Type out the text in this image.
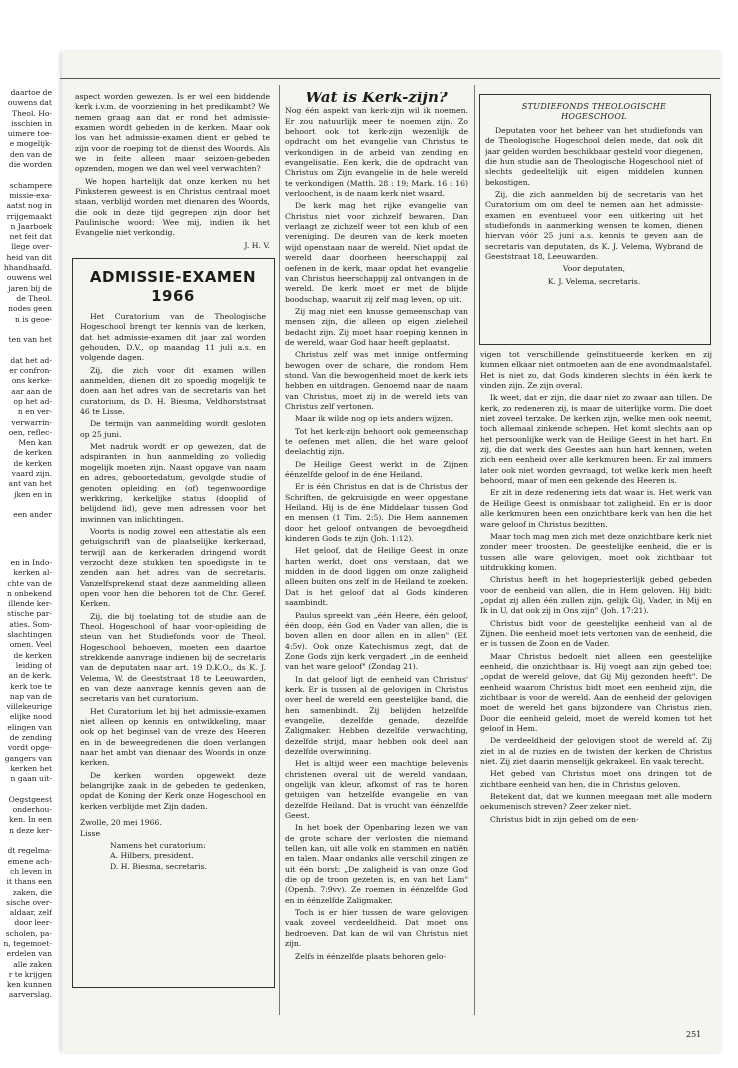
daartoe de

ouwens dat

Theol. Ho-

isschien in

uimere toe-

e mogelijk-

den van de

die worden

schampere

missie-exa-

aatst nog in

rrijgemaakt

n Jaarboek

net feit dat

llege over-

heid van dit

hhandhaafd.

ouwens wel

jaren bij de

de Theol.

nodes geen

n is geoe-

ten van het

dat het ad-

er confron-

ons kerke-

aar aan de

op het ad-

n en ver-

verwarrin-

oen, reflec-

Men kan

de kerken

de kerken

vaard zijn.

ant van het

jken en in

een ander

en in Indo-

kerken al-

chte van de

n onbekend

illende ker-

stische par-

aties. Som-

slachtingen

omen. Veel

de kerken

leiding of

an de kerk.

kerk toe te

nap van de

villekeurige

elijke nood

elingen van

de zending

vordt opge-

gangers van

kerken het

n gaan uit-

Oegstgeest

onderhou-

ken. In een

n deze ker-

dt regelma-

emene ach-

ch leven in

it thans een

zaken, die

sische over-

aldaar, zelf

door leer-

scholen, pa-

n, tegemoet-

erdelen van

alle zaken

r te krijgen

ken kunnen

aarverslag.

aspect worden gewezen. Is er wel een biddende kerk i.v.m. de voorziening in het predikambt? We nemen graag aan dat er rond het admissie-examen wordt gebeden in de kerken. Maar ook los van het admissie-examen dient er gebed te zijn voor de roeping tot de dienst des Woords. Als we in feite alleen maar seizoen-gebeden opzenden, mogen we dan wel veel verwachten?

We hopen hartelijk dat onze kerken nu het Pinksteren geweest is en Christus centraal moet staan, verblijd worden met dienaren des Woords, die ook in deze tijd gegrepen zijn door het Paulinische woord: Wee mij, indien ik het Evangelie niet verkondig.

J. H. V.
ADMISSIE-EXAMEN
1966

Het Curatorium van de Theologische Hogeschool brengt ter kennis van de kerken, dat het admissie-examen dit jaar zal worden gehouden, D.V., op maandag 11 juli a.s. en volgende dagen.

Zij, die zich voor dit examen willen aanmelden, dienen dit zo spoedig mogelijk te doen aan het adres van de secretaris van het curatorium, ds D. H. Biesma, Veldhorststraat 46 te Lisse.

De termijn van aanmelding wordt gesloten op 25 juni.

Met nadruk wordt er op gewezen, dat de adspiranten in hun aanmelding zo volledig mogelijk moeten zijn. Naast opgave van naam en adres, geboortedatum, gevolgde studie of genoten opleiding en (of) tegenwoordige werkkring, kerkelijke status (dooplid of belijdend lid), geve men adressen voor het inwinnen van inlichtingen.

Voorts is nodig zowel een attestatie als een getuigschrift van de plaatselijke kerkeraad, terwijl aan de kerkeraden dringend wordt verzocht deze stukken ten spoedigste in te zenden aan het adres van de secretaris. Vanzelfsprekend staat deze aanmelding alleen open voor hen die behoren tot de Chr. Geref. Kerken.

Zij, die bij toelating tot de studie aan de Theol. Hogeschool of haar voor-opleiding de steun van het Studiefonds voor de Theol. Hogeschool behoeven, moeten een daartoe strekkende aanvrage indienen bij de secretaris van de deputaten naar art. 19 D.K.O., ds K. J. Velema, W. de Geeststraat 18 te Leeuwarden, en van deze aanvrage kennis geven aan de secretaris van het curatorium.

Het Curatorium let bij het admissie-examen niet alleen op kennis en ontwikkeling, maar ook op het beginsel van de vreze des Heeren en in de beweegredenen die doen verlangen naar het ambt van dienaar des Woords in onze kerken.

De kerken worden opgewekt deze belangrijke zaak in de gebeden te gedenken, opdat de Koning der Kerk onze Hogeschool en kerken verblijde met Zijn daden.

Zwolle, 20 mei 1966.
Lisse
Namens het curatorium:
A. Hilbers, president.
D. H. Biesma, secretaris.
Wat is Kerk-zijn?

Nog één aspekt van kerk-zijn wil ik noemen. Er zou natuurlijk meer te noemen zijn. Zo behoort ook tot kerk-zijn wezenlijk de opdracht om het evangelie van Christus te verkondigen in de arbeid van zending en evangelisatie. Een kerk, die de opdracht van Christus om Zijn evangelie in de hele wereld te verkondigen (Matth. 28 : 19; Mark. 16 : 16) verloochent, is de naam kerk niet waard.

De kerk mag het rijke evangelie van Christus niet voor zichzelf bewaren. Dan verlaagt ze zichzelf weer tot een klub of een vereniging. De deuren van de kerk moeten wijd openstaan naar de wereld. Niet opdat de wereld daar doorheen heerschappij zal oefenen in de kerk, maar opdat het evangelie van Christus heerschappij zal ontvangen in de wereld. De kerk moet er met de blijde boodschap, waaruit zij zelf mag leven, op uit.

Zij mag niet een knusse gemeenschap van mensen zijn, die alleen op eigen zieleheil bedacht zijn. Zij moet haar roeping kennen in de wereld, waar God haar heeft geplaatst.

Christus zelf was met innige ontferming bewogen over de schare, die rondom Hem stond. Van die bewogenheid moet de kerk iets hebben en uitdragen. Genoemd naar de naam van Christus, moet zij in de wereld iets van Christus zelf vertonen.

Maar ik wilde nog op iets anders wijzen.

Tot het kerk-zijn behoort ook gemeenschap te oefenen met allen, die het ware geloof deelachtig zijn.

De Heilige Geest werkt in de Zijnen éénzelfde geloof in de éne Heiland.

Er is één Christus en dat is de Christus der Schriften, de gekruisigde en weer opgestane Heiland. Hij is de éne Middelaar tussen God en mensen (1 Tim. 2:5). Die Hem aannemen door het geloof ontvangen de bevoegdheid kinderen Gods te zijn (Joh. 1:12).

Het geloof, dat de Heilige Geest in onze harten werkt, doet ons verstaan, dat we midden in de dood liggen om onze zaligheid alleen buiten ons zelf in de Heiland te zoeken. Dat is het geloof dat al Gods kinderen saambindt.

Paulus spreekt van „één Heere, één geloof, één doop, één God en Vader van allen, die is boven allen en door allen en in allen" (Ef. 4:5v). Ook onze Katechismus zegt, dat de Zone Gods zijn kerk vergadert „in de eenheid van het ware geloof" (Zondag 21).

In dat geloof ligt de eenheid van Christus' kerk. Er is tussen al de gelovigen in Christus over heel de wereld een geestelijke band, die hen samenbindt. Zij belijden hetzelfde evangelie, dezelfde genade, dezelfde Zaligmaker. Hebben dezelfde verwachting, dezelfde strijd, maar hebben ook deel aan dezelfde overwinning.

Het is altijd weer een machtige belevenis christenen overal uit de wereld vandaan, ongelijk van kleur, afkomst of ras te horen getuigen van hetzelfde evangelie en van dezelfde Heiland. Dat is vrucht van éénzelfde Geest.

In het boek der Openbaring lezen we van de grote schare der verlosten die niemand tellen kan, uit alle volk en stammen en natiën en talen. Maar ondanks alle verschil zingen ze uit één borst: „De zaligheid is van onze God die op de troon gezeten is, en van het Lam" (Openb. 7:9vv). Ze roemen in éénzelfde God en in éénzelfde Zaligmaker.

Toch is er hier tussen de ware gelovigen vaak zoveel verdeeldheid. Dat moet ons bedroeven. Dat kan de wil van Christus niet zijn.

Zelfs in éénzelfde plaats behoren gelo-

STUDIEFONDS THEOLOGISCHE HOGESCHOOL

Deputaten voor het beheer van het studiefonds van de Theologische Hogeschool delen mede, dat ook dit jaar gelden worden beschikbaar gesteld voor diegenen, die hun studie aan de Theologische Hogeschool niet of slechts gedeeltelijk uit eigen middelen kunnen bekostigen.

Zij, die zich aanmelden bij de secretaris van het Curatorium om om deel te nemen aan het admissie-examen en eventueel voor een uitkering uit het studiefonds in aanmerking wensen te komen, dienen hiervan vóór 25 juni a.s. kennis te geven aan de secretaris van deputaten, ds K. J. Velema, Wybrand de Geeststraat 18, Leeuwarden.

Voor deputaten,

K. J. Velema, secretaris.

vigen tot verschillende geïnstitueerde kerken en zij kunnen elkaar niet ontmoeten aan de ene avondmaalstafel. Het is niet zo, dat Gods kinderen slechts in één kerk te vinden zijn. Ze zijn overal.

Ik weet, dat er zijn, die daar niet zo zwaar aan tillen. De kerk, zo redeneren zij, is maar de uiterlijke vorm. Die doet niet zoveel terzake. De kerken zijn, welke men ook neemt, toch allemaal zinkende schepen. Het komt slechts aan op het persoonlijke werk van de Heilige Geest in het hart. En zij, die dat werk des Geestes aan hun hart kennen, weten zich een eenheid over alle kerkmuren heen. Er zal immers later ook niet worden gevraagd, tot welke kerk men heeft behoord, maar of men een gekende des Heeren is.

Er zit in deze redenering iets dat waar is. Het werk van de Heilige Geest is onmisbaar tot zaligheid. En er is door alle kerkmuren heen een onzichtbare kerk van hen die het ware geloof in Christus bezitten.

Maar toch mag men zich met deze onzichtbare kerk niet zonder meer troosten. De geestelijke eenheid, die er is tussen alle ware gelovigen, moet ook zichtbaar tot uitdrukking komen.

Christus heeft in het hogepriesterlijk gebed gebeden voor de eenheid van allen, die in Hem geloven. Hij bidt: „opdat zij allen één zullen zijn, gelijk Gij, Vader, in Mij en Ik in U, dat ook zij in Ons zijn" (Joh. 17:21).

Christus bidt voor de geestelijke eenheid van al de Zijnen. Die eenheid moet iets vertonen van de eenheid, die er is tussen de Zoon en de Vader.

Maar Christus bedoelt niet alleen een geestelijke eenheid, die onzichtbaar is. Hij voegt aan zijn gebed toe: „opdat de wereld gelove, dat Gij Mij gezonden heeft". De eenheid waarom Christus bidt moet een eenheid zijn, die zichtbaar is voor de wereld. Aan de eenheid der gelovigen moet de wereld het gans bijzondere van Christus zien. Door die eenheid geleid, moet de wereld komen tot het geloof in Hem.

De verdeeldheid der gelovigen stoot de wereld af. Zij ziet in al de ruzies en de twisten der kerken de Christus niet. Zij ziet daarin menselijk gekrakeel. En vaak terecht.

Het gebed van Christus moet ons dringen tot de zichtbare eenheid van hen, die in Christus geloven.

Betekent dat, dat we kunnen meegaan met alle modern oekumenisch streven? Zeer zeker niet.

Christus bidt in zijn gebed om de een-

251
